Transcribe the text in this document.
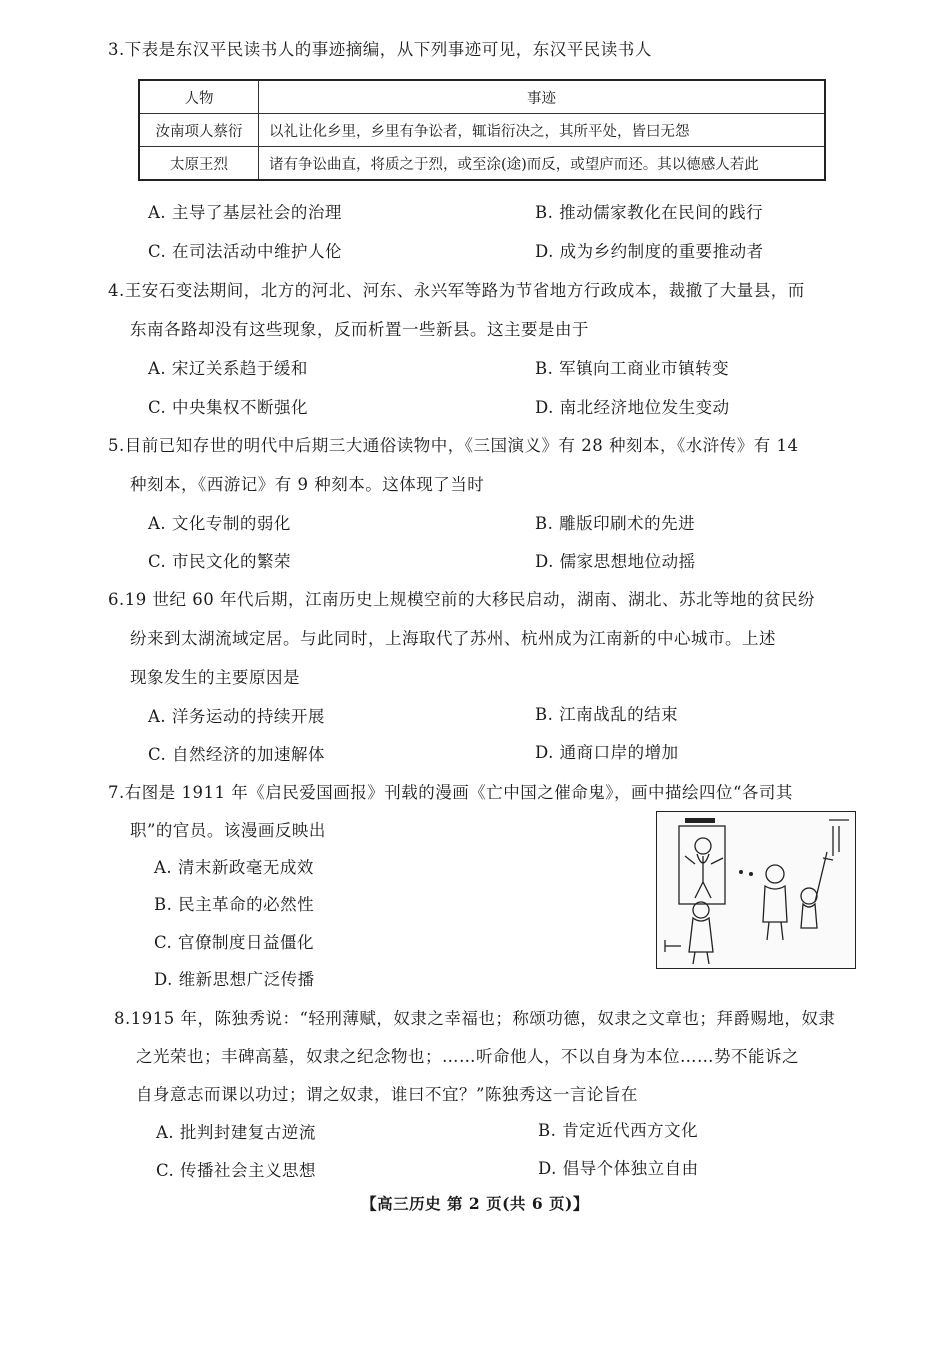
3.下表是东汉平民读书人的事迹摘编，从下列事迹可见，东汉平民读书人
人物	事迹
汝南项人蔡衍	以礼让化乡里，乡里有争讼者，辄诣衍决之，其所平处，皆曰无怨
太原王烈	诸有争讼曲直，将质之于烈，或至涂(途)而反，或望庐而还。其以德感人若此
A. 主导了基层社会的治理	B. 推动儒家教化在民间的践行
C. 在司法活动中维护人伦	D. 成为乡约制度的重要推动者
4.王安石变法期间，北方的河北、河东、永兴军等路为节省地方行政成本，裁撤了大量县，而
东南各路却没有这些现象，反而析置一些新县。这主要是由于
A. 宋辽关系趋于缓和	B. 军镇向工商业市镇转变
C. 中央集权不断强化	D. 南北经济地位发生变动
5.目前已知存世的明代中后期三大通俗读物中，《三国演义》有 28 种刻本，《水浒传》有 14
种刻本，《西游记》有 9 种刻本。这体现了当时
A. 文化专制的弱化	B. 雕版印刷术的先进
C. 市民文化的繁荣	D. 儒家思想地位动摇
6.19 世纪 60 年代后期，江南历史上规模空前的大移民启动，湖南、湖北、苏北等地的贫民纷
纷来到太湖流域定居。与此同时，上海取代了苏州、杭州成为江南新的中心城市。上述
现象发生的主要原因是
A. 洋务运动的持续开展	B. 江南战乱的结束
C. 自然经济的加速解体	D. 通商口岸的增加
7.右图是 1911 年《启民爱国画报》刊载的漫画《亡中国之催命鬼》，画中描绘四位“各司其
职”的官员。该漫画反映出
A. 清末新政毫无成效
B. 民主革命的必然性
C. 官僚制度日益僵化
D. 维新思想广泛传播
8.1915 年，陈独秀说：“轻刑薄赋，奴隶之幸福也；称颂功德，奴隶之文章也；拜爵赐地，奴隶
之光荣也；丰碑高墓，奴隶之纪念物也；……听命他人，不以自身为本位……势不能诉之
自身意志而课以功过；谓之奴隶，谁曰不宜？”陈独秀这一言论旨在
A. 批判封建复古逆流	B. 肯定近代西方文化
C. 传播社会主义思想	D. 倡导个体独立自由
【高三历史 第 2 页(共 6 页)】
